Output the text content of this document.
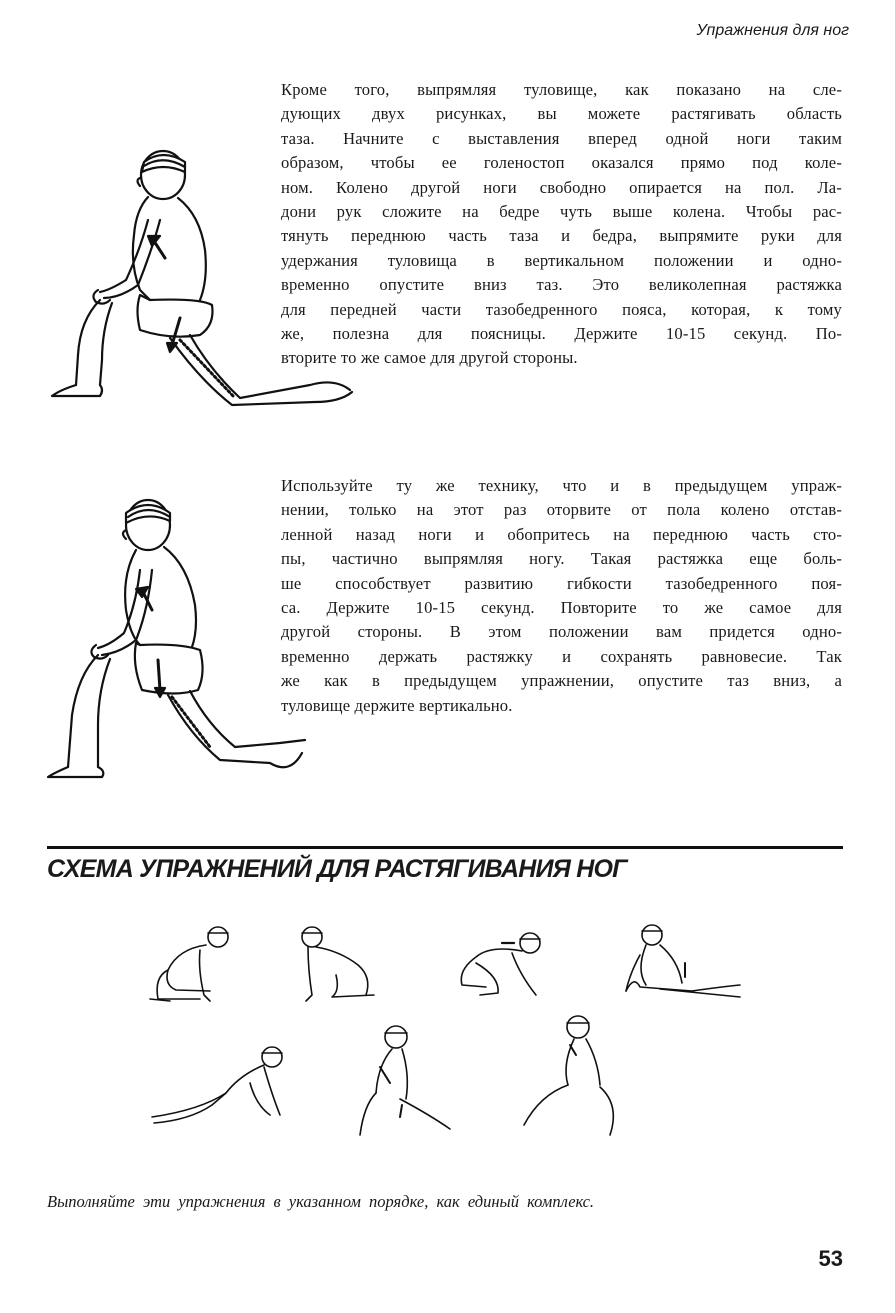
Упражнения для ног

Кроме того, выпрямляя туловище, как показано на сле-
дующих двух рисунках, вы можете растягивать область
таза. Начните с выставления вперед одной ноги таким
образом, чтобы ее голеностоп оказался прямо под коле-
ном. Колено другой ноги свободно опирается на пол. Ла-
дони рук сложите на бедре чуть выше колена. Чтобы рас-
тянуть переднюю часть таза и бедра, выпрямите руки для
удержания туловища в вертикальном положении и одно-
временно опустите вниз таз. Это великолепная растяжка
для передней части тазобедренного пояса, которая, к тому
же, полезна для поясницы. Держите 10-15 секунд. По-
вторите то же самое для другой стороны.

Используйте ту же технику, что и в предыдущем упраж-
нении, только на этот раз оторвите от пола колено отстав-
ленной назад ноги и обопритесь на переднюю часть сто-
пы, частично выпрямляя ногу. Такая растяжка еще боль-
ше способствует развитию гибкости тазобедренного поя-
са. Держите 10-15 секунд. Повторите то же самое для
другой стороны. В этом положении вам придется одно-
временно держать растяжку и сохранять равновесие. Так
же как в предыдущем упражнении, опустите таз вниз, а
туловище держите вертикально.

СХЕМА УПРАЖНЕНИЙ ДЛЯ РАСТЯГИВАНИЯ НОГ

Выполняйте эти упражнения в указанном порядке, как единый комплекс.

53
